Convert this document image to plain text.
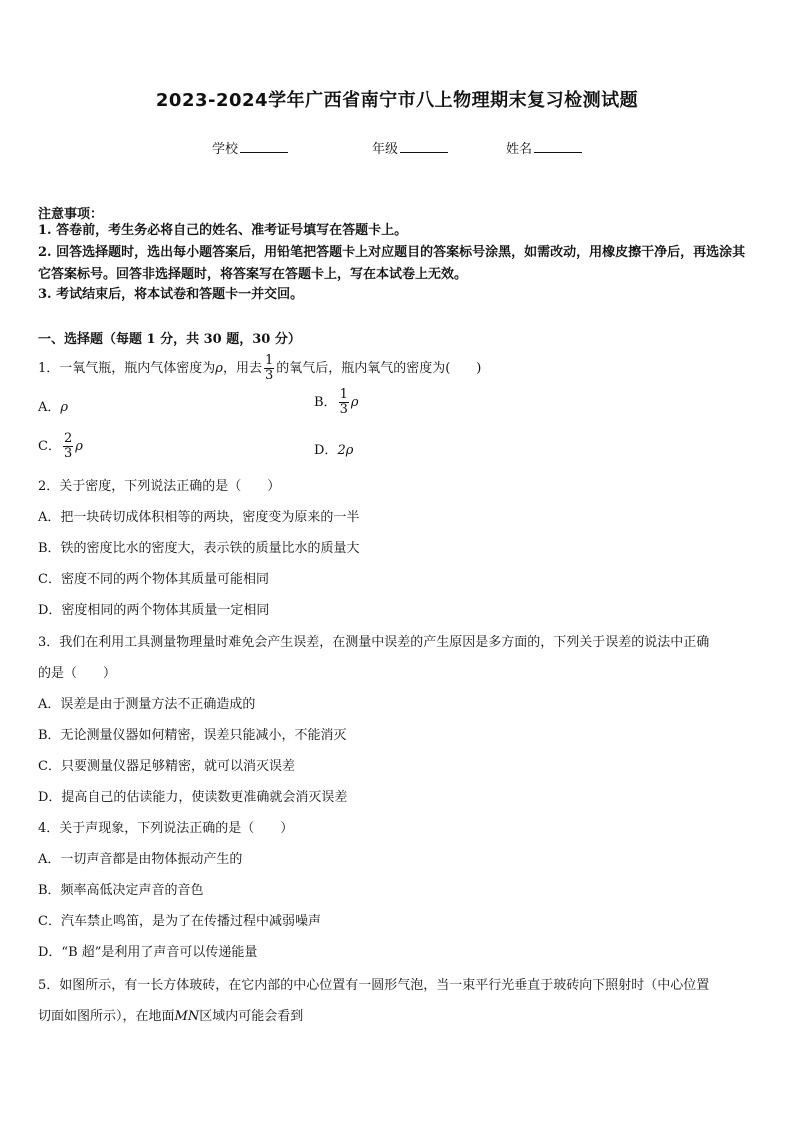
2023-2024学年广西省南宁市八上物理期末复习检测试题
学校	年级	姓名
注意事项：
1. 答卷前，考生务必将自己的姓名、准考证号填写在答题卡上。
2. 回答选择题时，选出每小题答案后，用铅笔把答题卡上对应题目的答案标号涂黑，如需改动，用橡皮擦干净后，再选涂其它答案标号。回答非选择题时，将答案写在答题卡上，写在本试卷上无效。
3. 考试结束后，将本试卷和答题卡一并交回。
一、选择题（每题 1 分，共 30 题，30 分）
1．一氧气瓶，瓶内气体密度为ρ，用去 $\frac{1}{3}$ 的氧气后，瓶内氧气的密度为(　　)
A．ρ	B． $\frac{1}{3}$ ρ
C． $\frac{2}{3}$ ρ	D．2ρ
2．关于密度，下列说法正确的是（　　）
A．把一块砖切成体积相等的两块，密度变为原来的一半
B．铁的密度比水的密度大，表示铁的质量比水的质量大
C．密度不同的两个物体其质量可能相同
D．密度相同的两个物体其质量一定相同
3．我们在利用工具测量物理量时难免会产生误差，在测量中误差的产生原因是多方面的，下列关于误差的说法中正确
的是（　　）
A．误差是由于测量方法不正确造成的
B．无论测量仪器如何精密，误差只能减小，不能消灭
C．只要测量仪器足够精密，就可以消灭误差
D．提高自己的估读能力，使读数更准确就会消灭误差
4．关于声现象，下列说法正确的是（　　）
A．一切声音都是由物体振动产生的
B．频率高低决定声音的音色
C．汽车禁止鸣笛，是为了在传播过程中减弱噪声
D．“B 超”是利用了声音可以传递能量
5．如图所示，有一长方体玻砖，在它内部的中心位置有一圆形气泡，当一束平行光垂直于玻砖向下照射时（中心位置
切面如图所示），在地面MN区域内可能会看到
